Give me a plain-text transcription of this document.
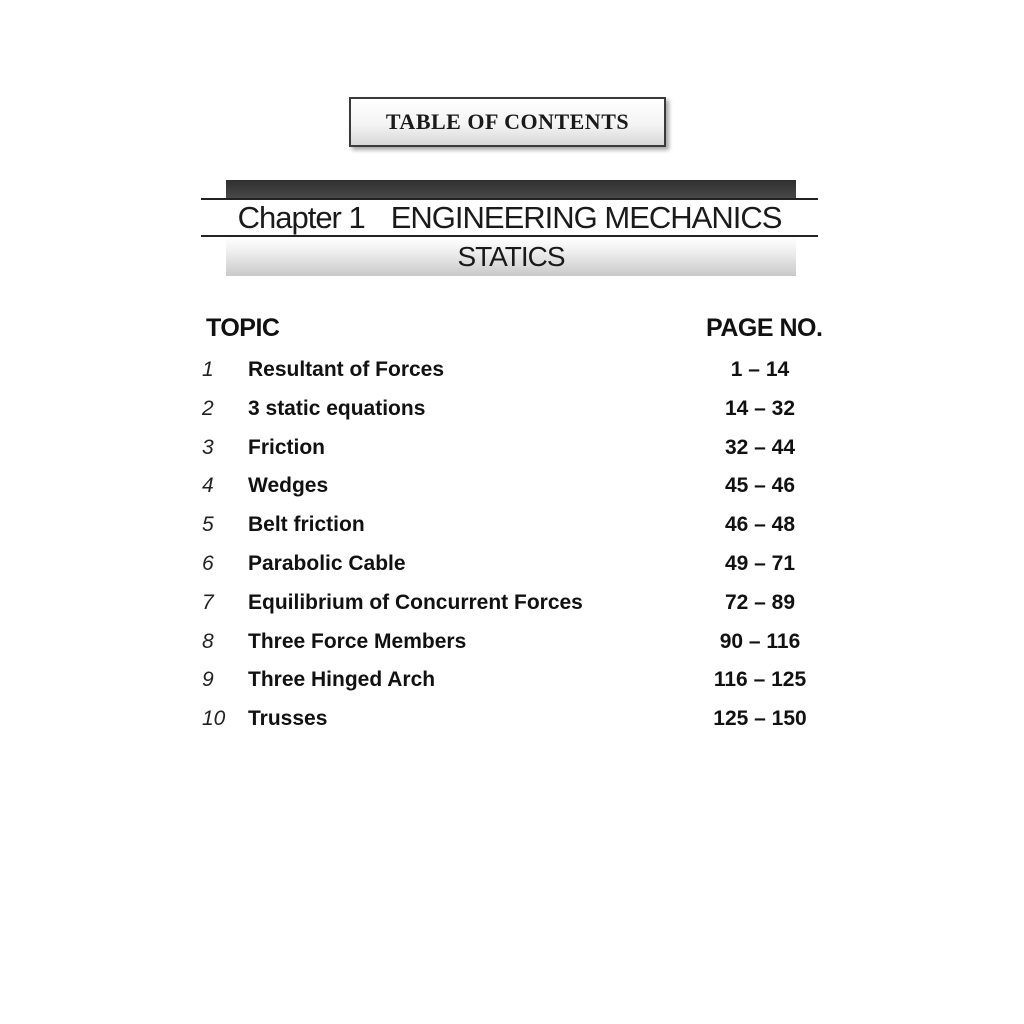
TABLE OF CONTENTS
Chapter 1 ENGINEERING MECHANICS
STATICS
TOPIC	PAGE NO.
1 Resultant of Forces	1 – 14
2 3 static equations	14 – 32
3 Friction	32 – 44
4 Wedges	45 – 46
5 Belt friction	46 – 48
6 Parabolic Cable	49 – 71
7 Equilibrium of Concurrent Forces	72 – 89
8 Three Force Members	90 – 116
9 Three Hinged Arch	116 – 125
10 Trusses	125 – 150
